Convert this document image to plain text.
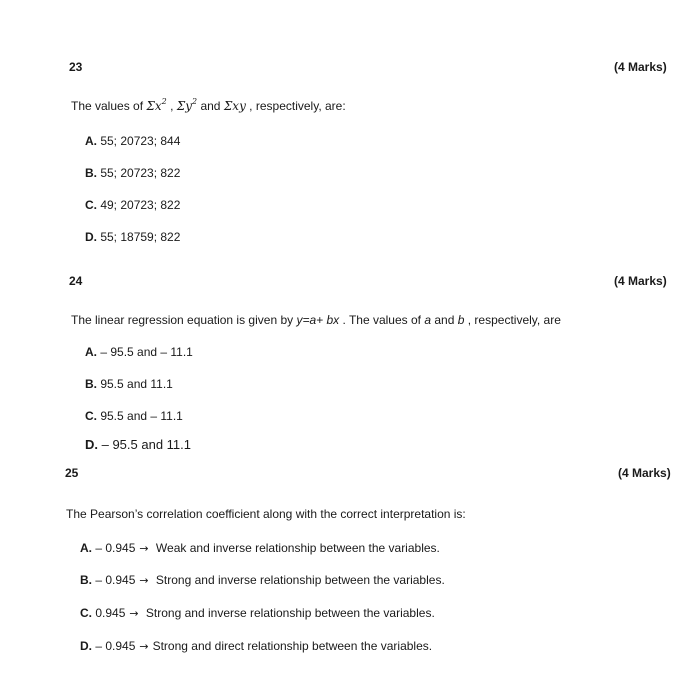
23	(4 Marks)
The values of $\Sigma x^2$ , $\Sigma y^2$ and Σxy , respectively, are:
A. 55; 20723; 844
B. 55; 20723; 822
C. 49; 20723; 822
D. 55; 18759; 822
24	(4 Marks)
The linear regression equation is given by y=a+ bx . The values of a and b , respectively, are
A. – 95.5 and – 11.1
B. 95.5 and 11.1
C. 95.5 and – 11.1
D. – 95.5 and 11.1
25	(4 Marks)
The Pearson’s correlation coefficient along with the correct interpretation is:
A. – 0.945 → Weak and inverse relationship between the variables.
B. – 0.945 → Strong and inverse relationship between the variables.
C. 0.945 → Strong and inverse relationship between the variables.
D. – 0.945 → Strong and direct relationship between the variables.
